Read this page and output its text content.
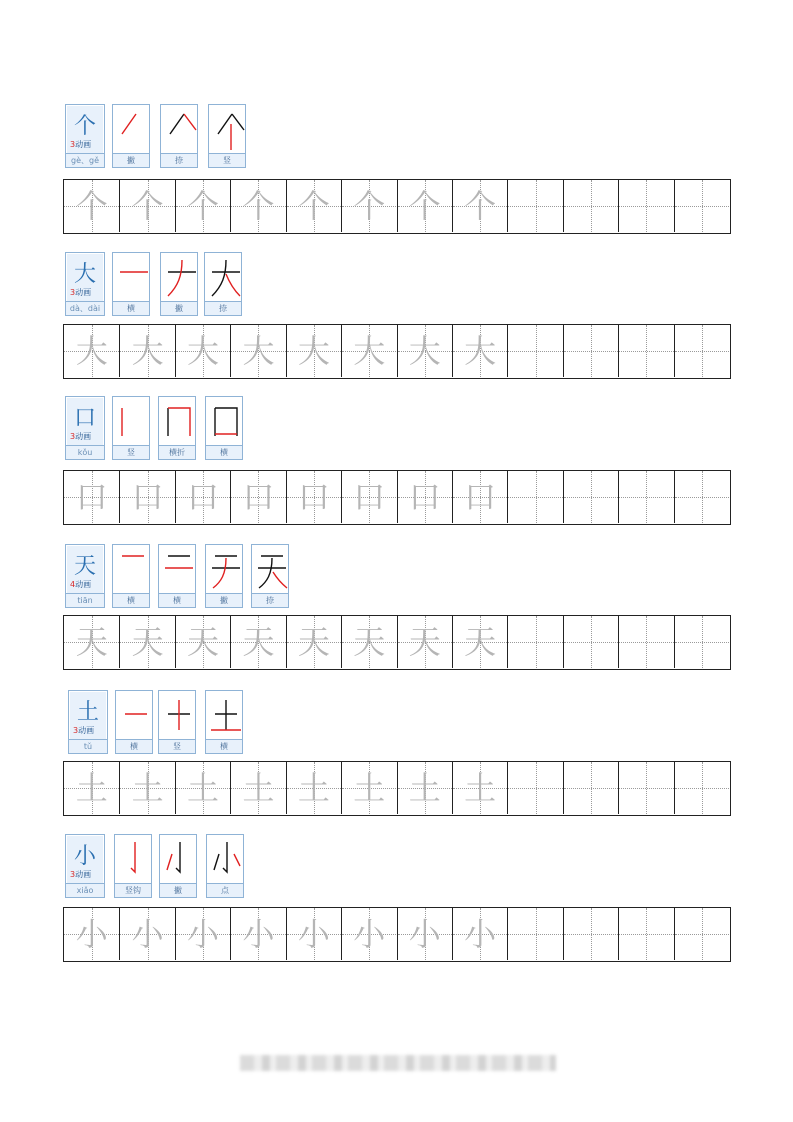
个
3动画
gè、gě	撇	捺	竖
个 个 个 个 个 个 个 个
大
3动画
dà、dài	横	撇	捺
大 大 大 大 大 大 大 大
口
3动画
kǒu	竖	横折	横
口 口 口 口 口 口 口 口
天
4动画
tiān	横	横	撇	捺
天 天 天 天 天 天 天 天
土
3动画
tǔ	横	竖	横
土 土 土 土 土 土 土 土
小
3动画
xiǎo	竖钩	撇	点
小 小 小 小 小 小 小 小
